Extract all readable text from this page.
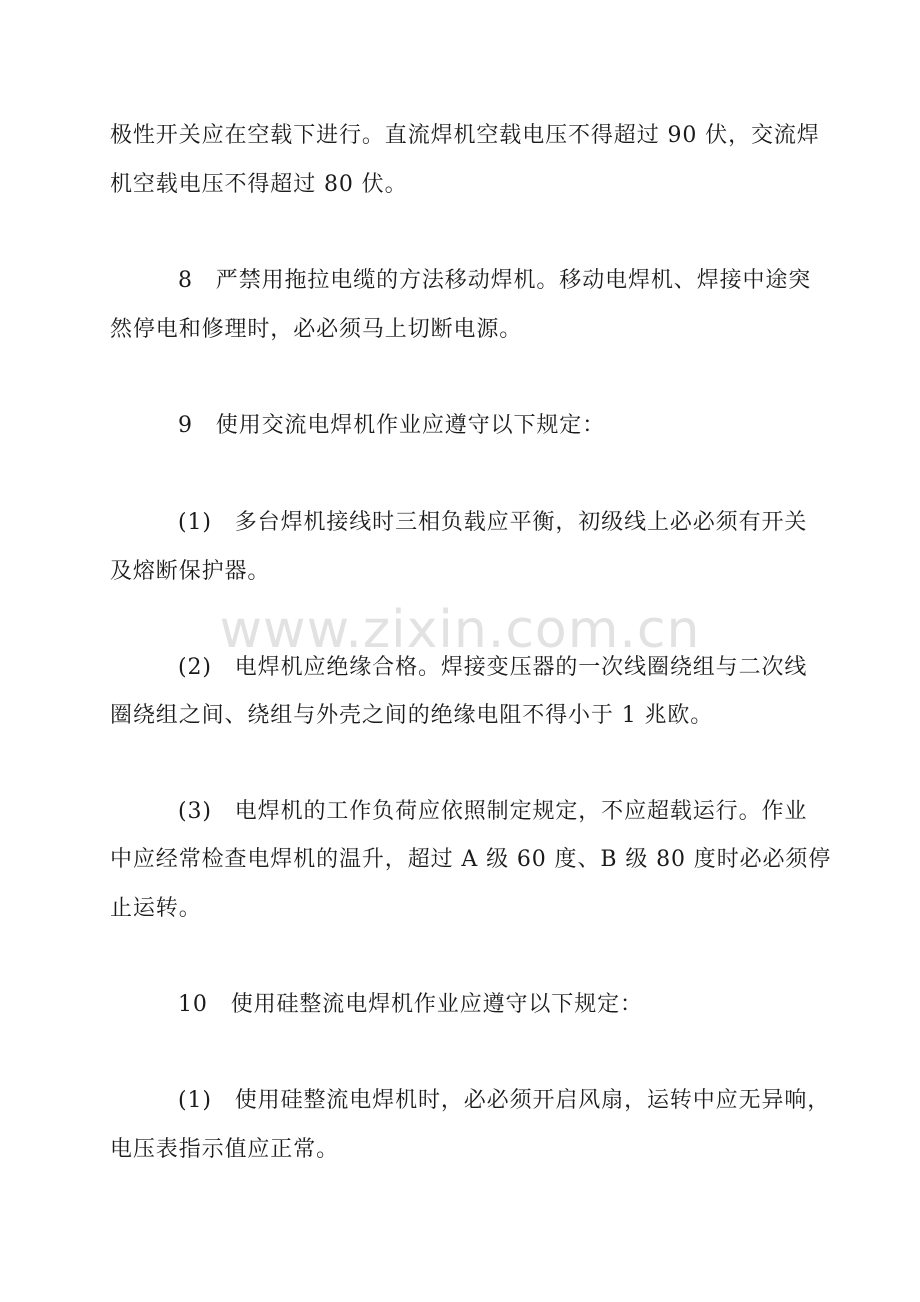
www.zixin.com.cn
极性开关应在空载下进行。直流焊机空载电压不得超过 90 伏，交流焊
机空载电压不得超过 80 伏。
8　严禁用拖拉电缆的方法移动焊机。移动电焊机、焊接中途突
然停电和修理时，必必须马上切断电源。
9　使用交流电焊机作业应遵守以下规定：
(1)　多台焊机接线时三相负载应平衡，初级线上必必须有开关
及熔断保护器。
(2)　电焊机应绝缘合格。焊接变压器的一次线圈绕组与二次线
圈绕组之间、绕组与外壳之间的绝缘电阻不得小于 1 兆欧。
(3)　电焊机的工作负荷应依照制定规定，不应超载运行。作业
中应经常检查电焊机的温升，超过 A 级 60 度、B 级 80 度时必必须停
止运转。
10　使用硅整流电焊机作业应遵守以下规定：
(1)　使用硅整流电焊机时，必必须开启风扇，运转中应无异响，
电压表指示值应正常。
